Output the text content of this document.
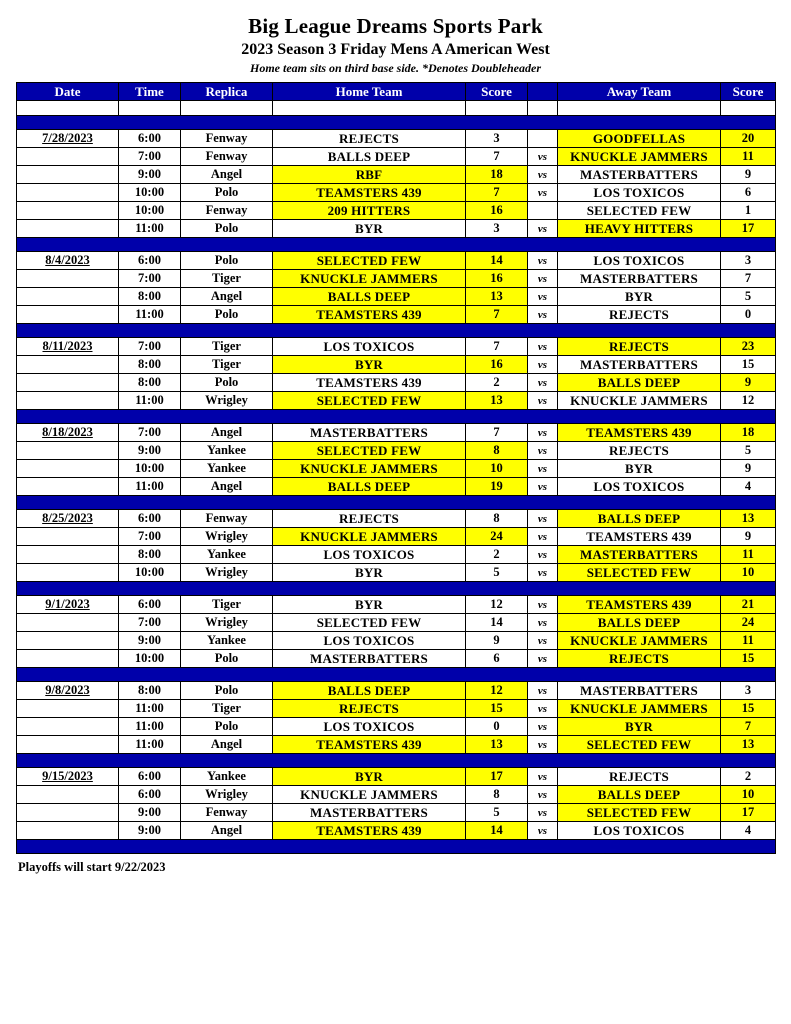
Big League Dreams Sports Park
2023 Season 3 Friday Mens A American West
Home team sits on third base side. *Denotes Doubleheader
Date	Time	Replica	Home Team	Score		Away Team	Score

7/28/2023	6:00	Fenway	REJECTS	3		GOODFELLAS	20
	7:00	Fenway	BALLS DEEP	7	vs	KNUCKLE JAMMERS	11
	9:00	Angel	RBF	18	vs	MASTERBATTERS	9
	10:00	Polo	TEAMSTERS 439	7	vs	LOS TOXICOS	6
	10:00	Fenway	209 HITTERS	16		SELECTED FEW	1
	11:00	Polo	BYR	3	vs	HEAVY HITTERS	17

8/4/2023	6:00	Polo	SELECTED FEW	14	vs	LOS TOXICOS	3
	7:00	Tiger	KNUCKLE JAMMERS	16	vs	MASTERBATTERS	7
	8:00	Angel	BALLS DEEP	13	vs	BYR	5
	11:00	Polo	TEAMSTERS 439	7	vs	REJECTS	0

8/11/2023	7:00	Tiger	LOS TOXICOS	7	vs	REJECTS	23
	8:00	Tiger	BYR	16	vs	MASTERBATTERS	15
	8:00	Polo	TEAMSTERS 439	2	vs	BALLS DEEP	9
	11:00	Wrigley	SELECTED FEW	13	vs	KNUCKLE JAMMERS	12

8/18/2023	7:00	Angel	MASTERBATTERS	7	vs	TEAMSTERS 439	18
	9:00	Yankee	SELECTED FEW	8	vs	REJECTS	5
	10:00	Yankee	KNUCKLE JAMMERS	10	vs	BYR	9
	11:00	Angel	BALLS DEEP	19	vs	LOS TOXICOS	4

8/25/2023	6:00	Fenway	REJECTS	8	vs	BALLS DEEP	13
	7:00	Wrigley	KNUCKLE JAMMERS	24	vs	TEAMSTERS 439	9
	8:00	Yankee	LOS TOXICOS	2	vs	MASTERBATTERS	11
	10:00	Wrigley	BYR	5	vs	SELECTED FEW	10

9/1/2023	6:00	Tiger	BYR	12	vs	TEAMSTERS 439	21
	7:00	Wrigley	SELECTED FEW	14	vs	BALLS DEEP	24
	9:00	Yankee	LOS TOXICOS	9	vs	KNUCKLE JAMMERS	11
	10:00	Polo	MASTERBATTERS	6	vs	REJECTS	15

9/8/2023	8:00	Polo	BALLS DEEP	12	vs	MASTERBATTERS	3
	11:00	Tiger	REJECTS	15	vs	KNUCKLE JAMMERS	15
	11:00	Polo	LOS TOXICOS	0	vs	BYR	7
	11:00	Angel	TEAMSTERS 439	13	vs	SELECTED FEW	13

9/15/2023	6:00	Yankee	BYR	17	vs	REJECTS	2
	6:00	Wrigley	KNUCKLE JAMMERS	8	vs	BALLS DEEP	10
	9:00	Fenway	MASTERBATTERS	5	vs	SELECTED FEW	17
	9:00	Angel	TEAMSTERS 439	14	vs	LOS TOXICOS	4

Playoffs will start 9/22/2023
